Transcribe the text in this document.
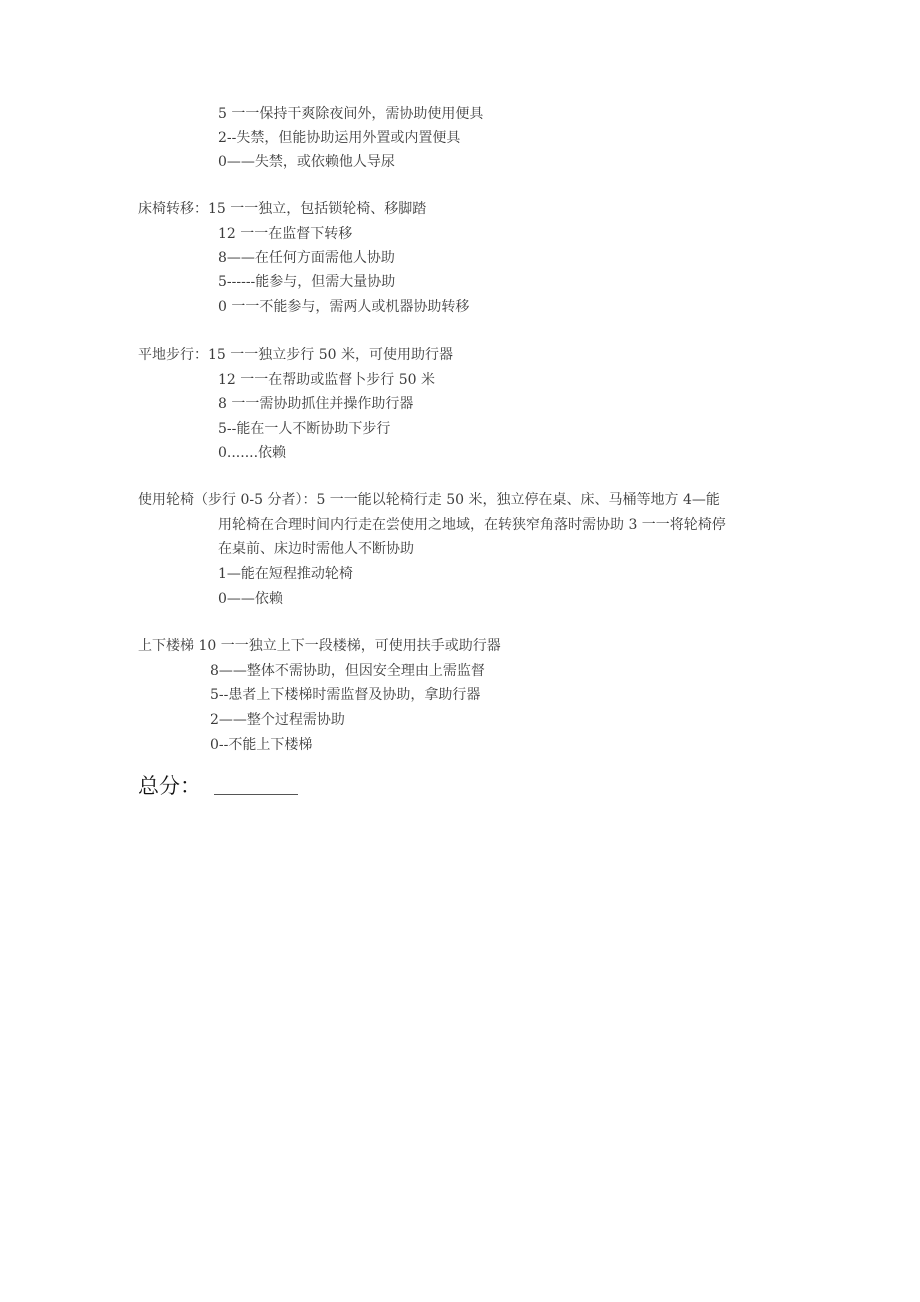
5 一一保持干爽除夜间外，需协助使用便具
2--失禁，但能协助运用外置或内置便具
0——失禁，或依赖他人导尿
床椅转移：15 一一独立，包括锁轮椅、移脚踏
12 一一在监督下转移
8——在任何方面需他人协助
5------能参与，但需大量协助
0 一一不能参与，需两人或机器协助转移
平地步行：15 一一独立步行 50 米，可使用助行器
12 一一在帮助或监督卜步行 50 米
8 一一需协助抓住并操作助行器
5--能在一人不断协助下步行
0.......依赖
使用轮椅（步行 0-5 分者）：5 一一能以轮椅行走 50 米，独立停在桌、床、马桶等地方 4—能
用轮椅在合理时间内行走在尝使用之地域，在转狭窄角落时需协助 3 一一将轮椅停
在桌前、床边时需他人不断协助
1—能在短程推动轮椅
0——依赖
上下楼梯 10 一一独立上下一段楼梯，可使用扶手或助行器
8——整体不需协助，但因安全理由上需监督
5--患者上下楼梯时需监督及协助，拿助行器
2——整个过程需协助
0--不能上下楼梯
总分：
